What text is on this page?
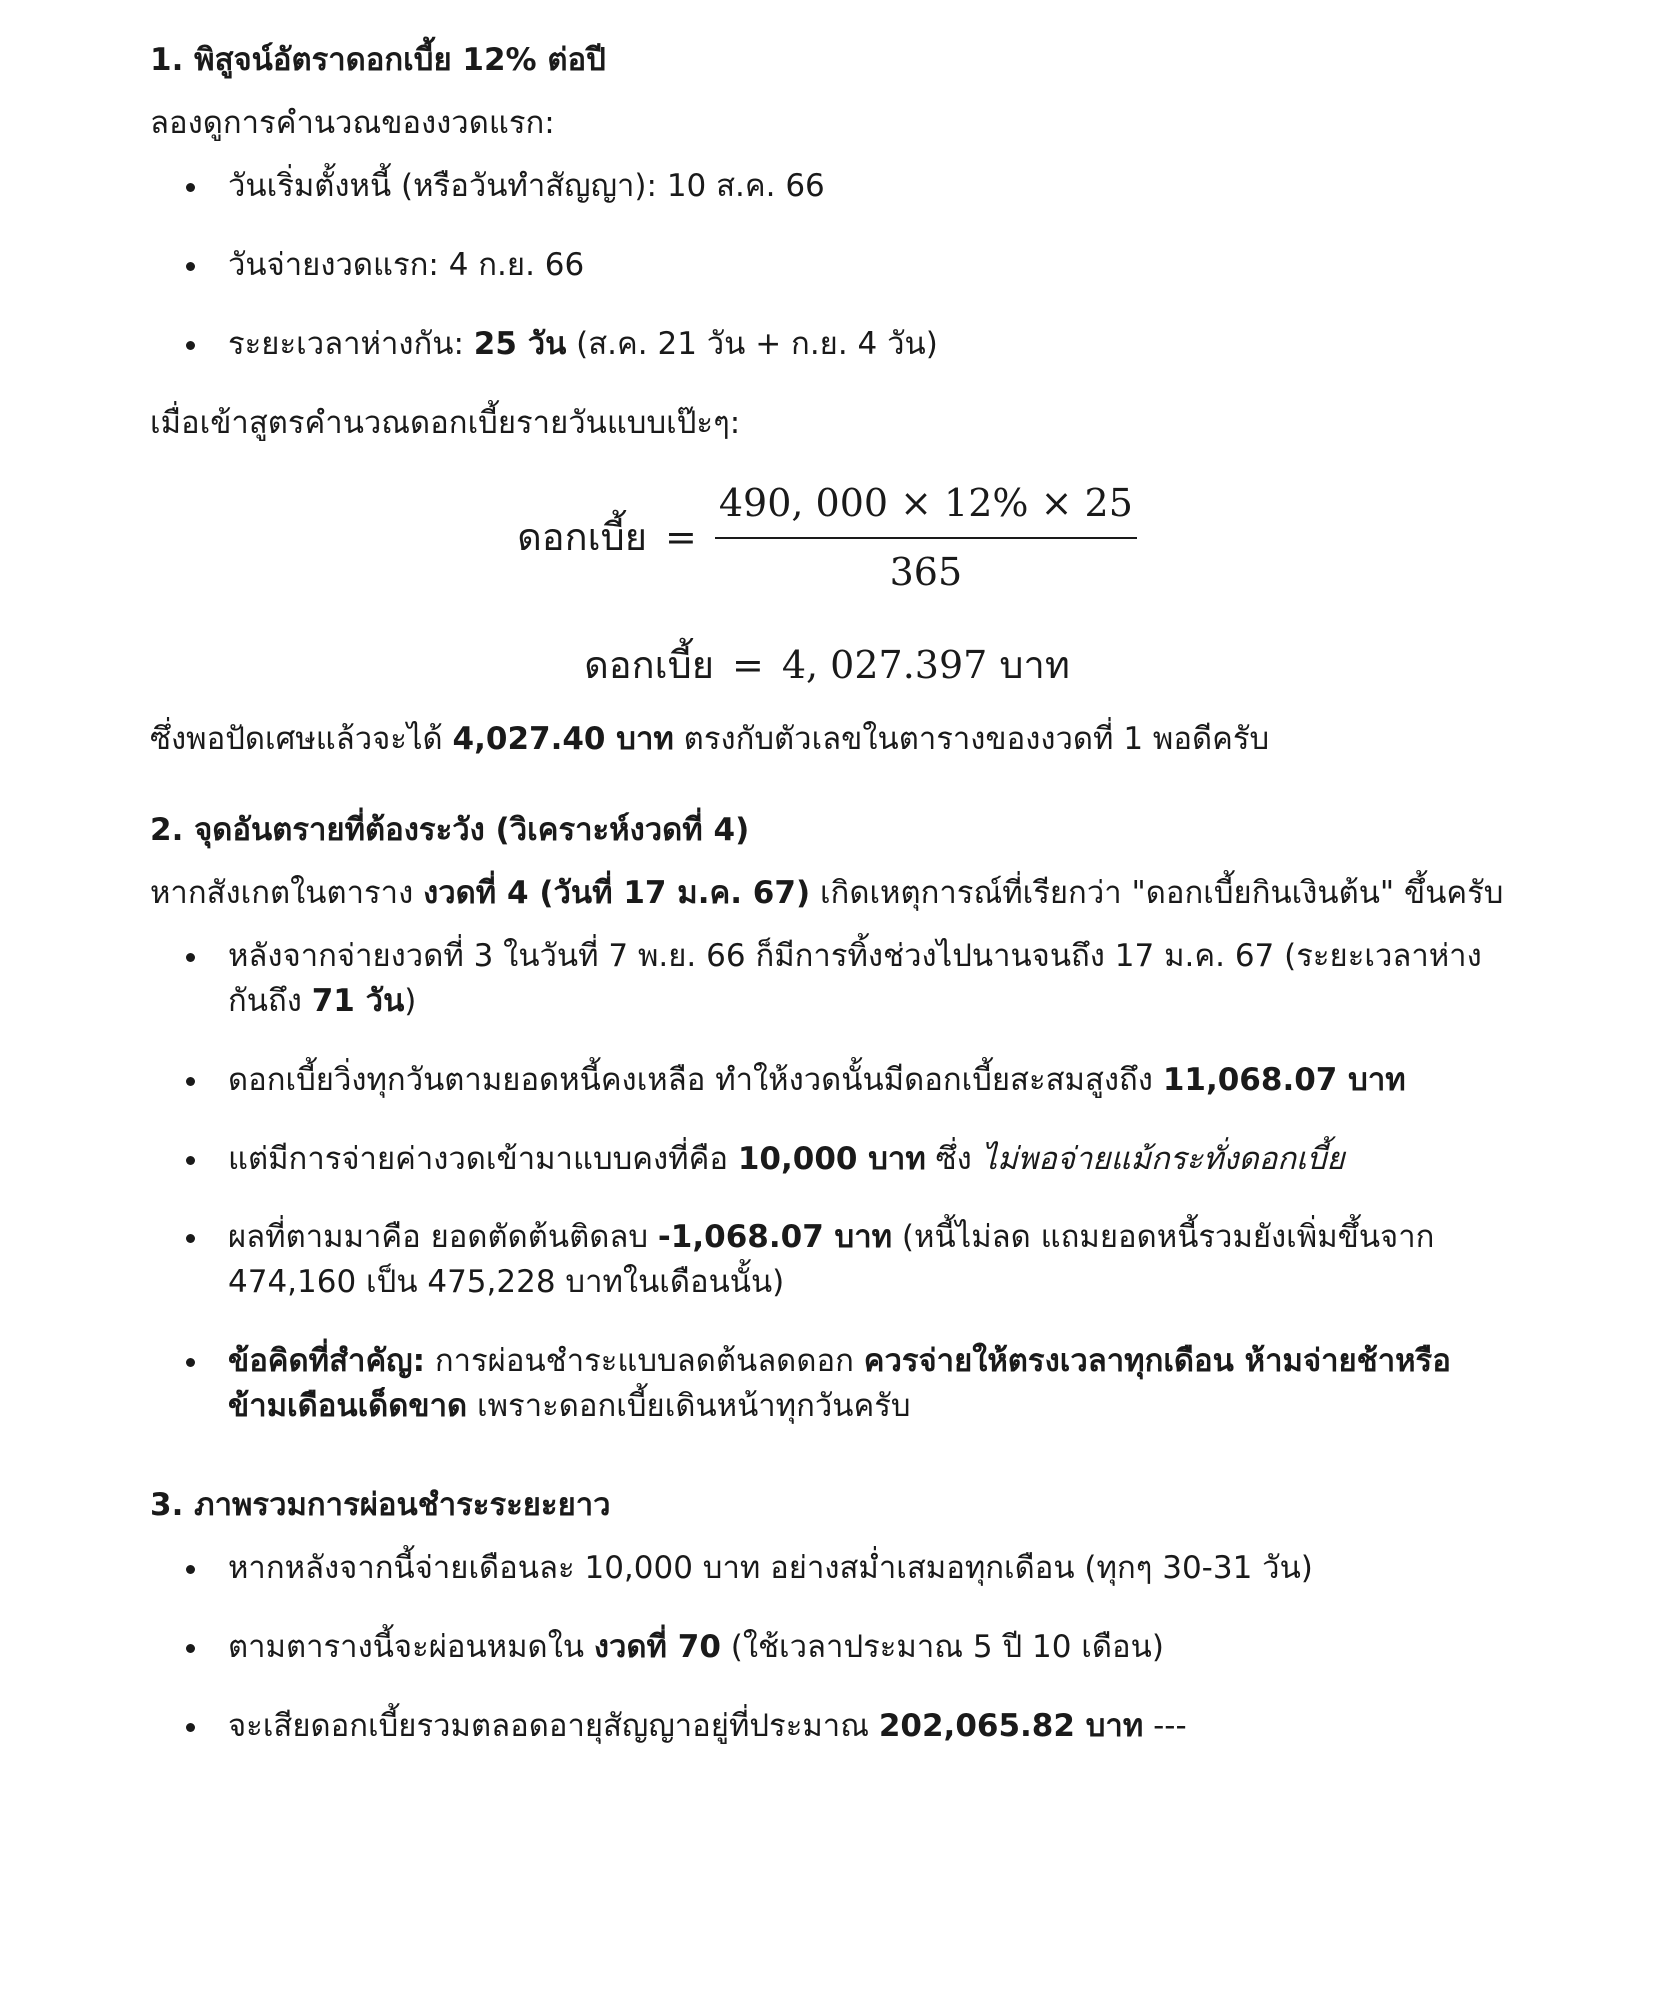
1. พิสูจน์อัตราดอกเบี้ย 12% ต่อปี

ลองดูการคำนวณของงวดแรก:

วันเริ่มตั้งหนี้ (หรือวันทำสัญญา): 10 ส.ค. 66
วันจ่ายงวดแรก: 4 ก.ย. 66
ระยะเวลาห่างกัน: 25 วัน (ส.ค. 21 วัน + ก.ย. 4 วัน)

เมื่อเข้าสูตรคำนวณดอกเบี้ยรายวันแบบเป๊ะๆ:

ดอกเบี้ย = $\frac{490, 000 \times 12\% \times 25}{365}$
ดอกเบี้ย = 4, 027.397 บาท

ซึ่งพอปัดเศษแล้วจะได้ 4,027.40 บาท ตรงกับตัวเลขในตารางของงวดที่ 1 พอดีครับ

2. จุดอันตรายที่ต้องระวัง (วิเคราะห์งวดที่ 4)

หากสังเกตในตาราง งวดที่ 4 (วันที่ 17 ม.ค. 67) เกิดเหตุการณ์ที่เรียกว่า "ดอกเบี้ยกินเงินต้น" ขึ้นครับ

หลังจากจ่ายงวดที่ 3 ในวันที่ 7 พ.ย. 66 ก็มีการทิ้งช่วงไปนานจนถึง 17 ม.ค. 67 (ระยะเวลาห่างกันถึง 71 วัน)
ดอกเบี้ยวิ่งทุกวันตามยอดหนี้คงเหลือ ทำให้งวดนั้นมีดอกเบี้ยสะสมสูงถึง 11,068.07 บาท
แต่มีการจ่ายค่างวดเข้ามาแบบคงที่คือ 10,000 บาท ซึ่ง ไม่พอจ่ายแม้กระทั่งดอกเบี้ย
ผลที่ตามมาคือ ยอดตัดต้นติดลบ -1,068.07 บาท (หนี้ไม่ลด แถมยอดหนี้รวมยังเพิ่มขึ้นจาก 474,160 เป็น 475,228 บาทในเดือนนั้น)
ข้อคิดที่สำคัญ: การผ่อนชำระแบบลดต้นลดดอก ควรจ่ายให้ตรงเวลาทุกเดือน ห้ามจ่ายช้าหรือข้ามเดือนเด็ดขาด เพราะดอกเบี้ยเดินหน้าทุกวันครับ
3. ภาพรวมการผ่อนชำระระยะยาว
หากหลังจากนี้จ่ายเดือนละ 10,000 บาท อย่างสม่ำเสมอทุกเดือน (ทุกๆ 30-31 วัน)
ตามตารางนี้จะผ่อนหมดใน งวดที่ 70 (ใช้เวลาประมาณ 5 ปี 10 เดือน)
จะเสียดอกเบี้ยรวมตลอดอายุสัญญาอยู่ที่ประมาณ 202,065.82 บาท ---
